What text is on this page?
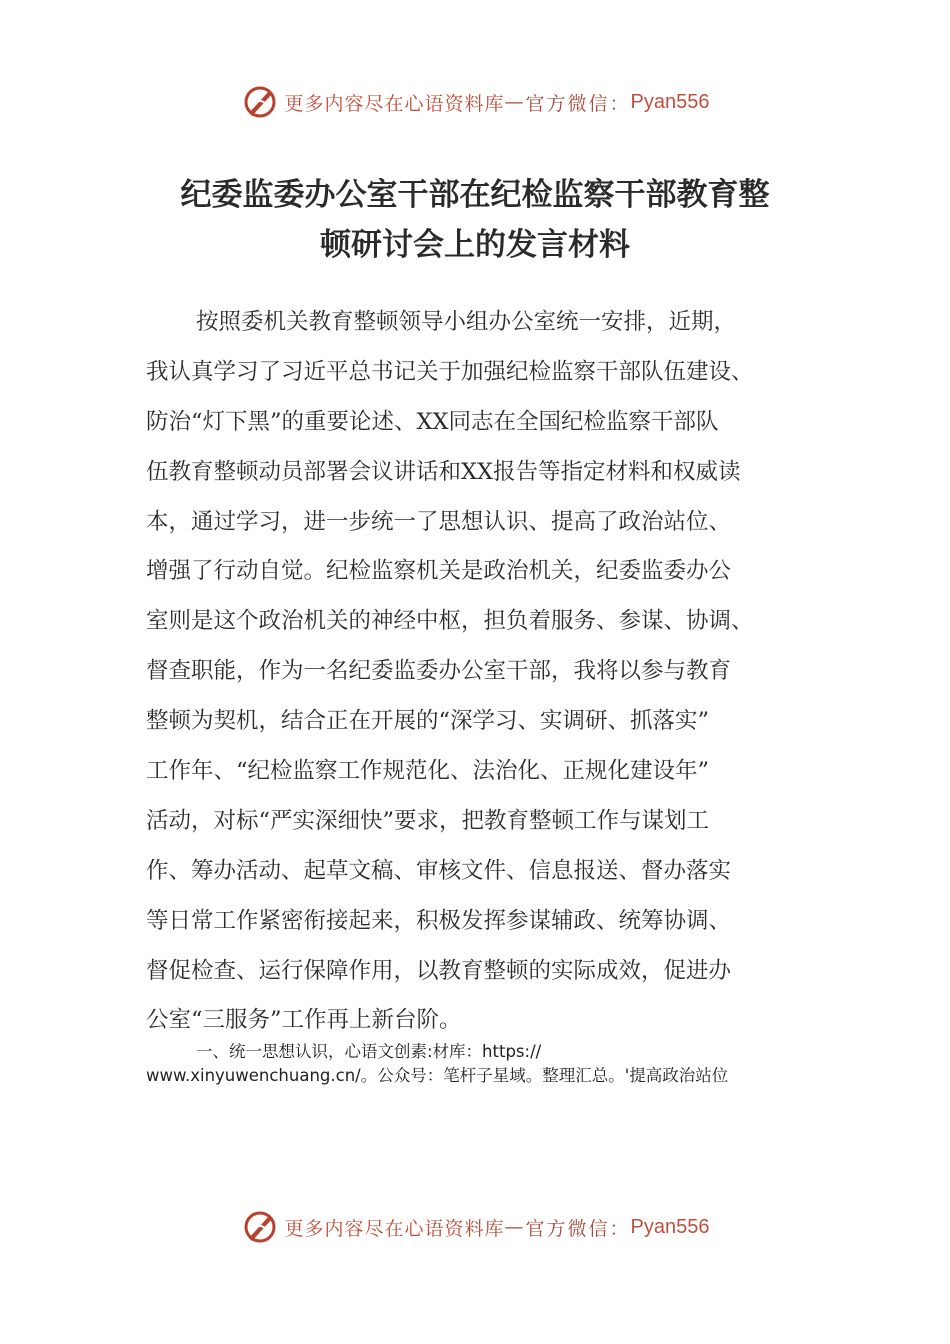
更多内容尽在心语资料库 — 官方微信： Pyan556
纪委监委办公室干部在纪检监察干部教育整
顿研讨会上的发言材料
按照委机关教育整顿领导小组办公室统一安排，近期，
我认真学习了习近平总书记关于加强纪检监察干部队伍建设、
防治“灯下黑”的重要论述、XX同志在全国纪检监察干部队
伍教育整顿动员部署会议讲话和XX报告等指定材料和权威读
本，通过学习，进一步统一了思想认识、提高了政治站位、
增强了行动自觉。纪检监察机关是政治机关，纪委监委办公
室则是这个政治机关的神经中枢，担负着服务、参谋、协调、
督查职能，作为一名纪委监委办公室干部，我将以参与教育
整顿为契机，结合正在开展的“深学习、实调研、抓落实”
工作年、“纪检监察工作规范化、法治化、正规化建设年”
活动，对标“严实深细快”要求，把教育整顿工作与谋划工
作、筹办活动、起草文稿、审核文件、信息报送、督办落实
等日常工作紧密衔接起来，积极发挥参谋辅政、统筹协调、
督促检查、运行保障作用，以教育整顿的实际成效，促进办
公室“三服务”工作再上新台阶。
一、统一思想认识，心语文创素:材库：https://
www.xinyuwenchuang.cn/。公众号：笔杆子星域。整理汇总。'提高政治站位
更多内容尽在心语资料库 — 官方微信： Pyan556
